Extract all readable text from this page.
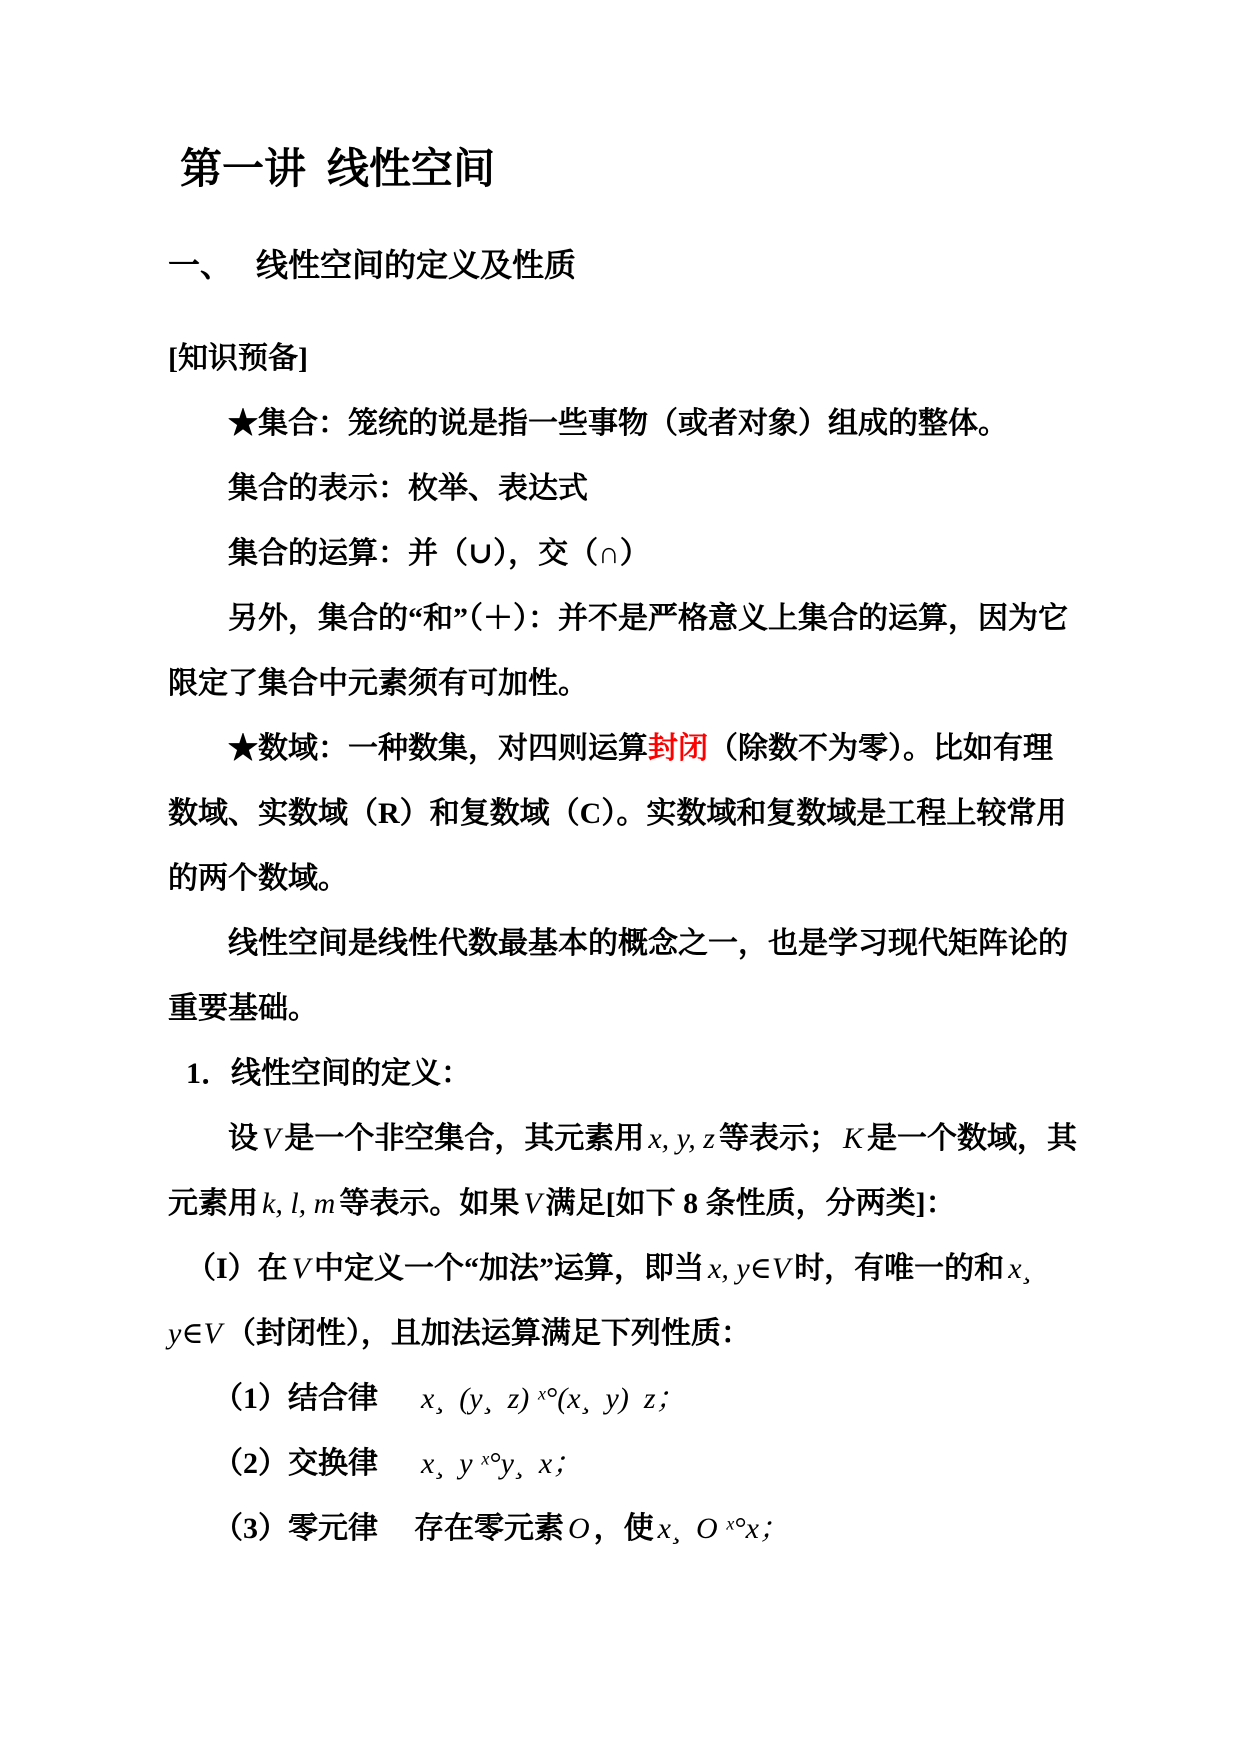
第一讲  线性空间
一、 线性空间的定义及性质

[知识预备]

★集合：笼统的说是指一些事物（或者对象）组成的整体。

集合的表示：枚举、表达式

集合的运算：并（∪），交（∩）

另外，集合的“和”（＋）：并不是严格意义上集合的运算，因为它限定了集合中元素须有可加性。

★数域：一种数集，对四则运算封闭（除数不为零）。比如有理数域、实数域（R）和复数域（C）。实数域和复数域是工程上较常用的两个数域。

线性空间是线性代数最基本的概念之一，也是学习现代矩阵论的重要基础。

1．线性空间的定义：

设 V 是一个非空集合，其元素用 x, y, z 等表示； K 是一个数域，其元素用 k, l, m 等表示。如果 V 满足[如下 8 条性质，分两类]：

（I）在 V 中定义一个“加法”运算，即当 x, y∈V 时，有唯一的和 x¸  y∈V （封闭性），且加法运算满足下列性质：

（1）结合律 x¸  (y¸  z) ˣ°(x¸  y)  z；

（2）交换律 x¸  y ˣ°y¸  x；

（3）零元律 存在零元素 O ，使 x¸  O ˣ°x；
